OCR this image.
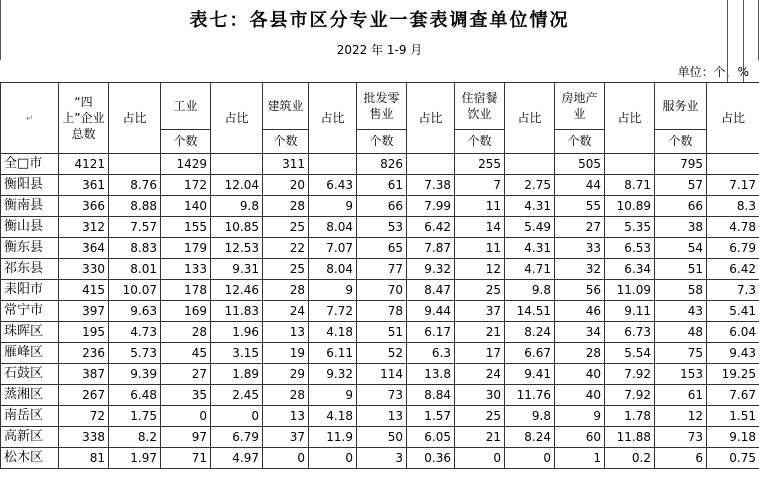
表七：各县市区分专业一套表调查单位情况
2022 年 1-9 月
单位：个，%
↵	“四上”企业总数	占比	工业	占比	建筑业	占比	批发零售业	占比	住宿餐饮业	占比	房地产业	占比	服务业	占比
			个数		个数		个数		个数		个数		个数	
全□市	4121		1429		311		826		255		505		795	
衡阳县	361	8.76	172	12.04	20	6.43	61	7.38	7	2.75	44	8.71	57	7.17
衡南县	366	8.88	140	9.8	28	9	66	7.99	11	4.31	55	10.89	66	8.3
衡山县	312	7.57	155	10.85	25	8.04	53	6.42	14	5.49	27	5.35	38	4.78
衡东县	364	8.83	179	12.53	22	7.07	65	7.87	11	4.31	33	6.53	54	6.79
祁东县	330	8.01	133	9.31	25	8.04	77	9.32	12	4.71	32	6.34	51	6.42
耒阳市	415	10.07	178	12.46	28	9	70	8.47	25	9.8	56	11.09	58	7.3
常宁市	397	9.63	169	11.83	24	7.72	78	9.44	37	14.51	46	9.11	43	5.41
珠晖区	195	4.73	28	1.96	13	4.18	51	6.17	21	8.24	34	6.73	48	6.04
雁峰区	236	5.73	45	3.15	19	6.11	52	6.3	17	6.67	28	5.54	75	9.43
石鼓区	387	9.39	27	1.89	29	9.32	114	13.8	24	9.41	40	7.92	153	19.25
蒸湘区	267	6.48	35	2.45	28	9	73	8.84	30	11.76	40	7.92	61	7.67
南岳区	72	1.75	0	0	13	4.18	13	1.57	25	9.8	9	1.78	12	1.51
高新区	338	8.2	97	6.79	37	11.9	50	6.05	21	8.24	60	11.88	73	9.18
松木区	81	1.97	71	4.97	0	0	3	0.36	0	0	1	0.2	6	0.75
